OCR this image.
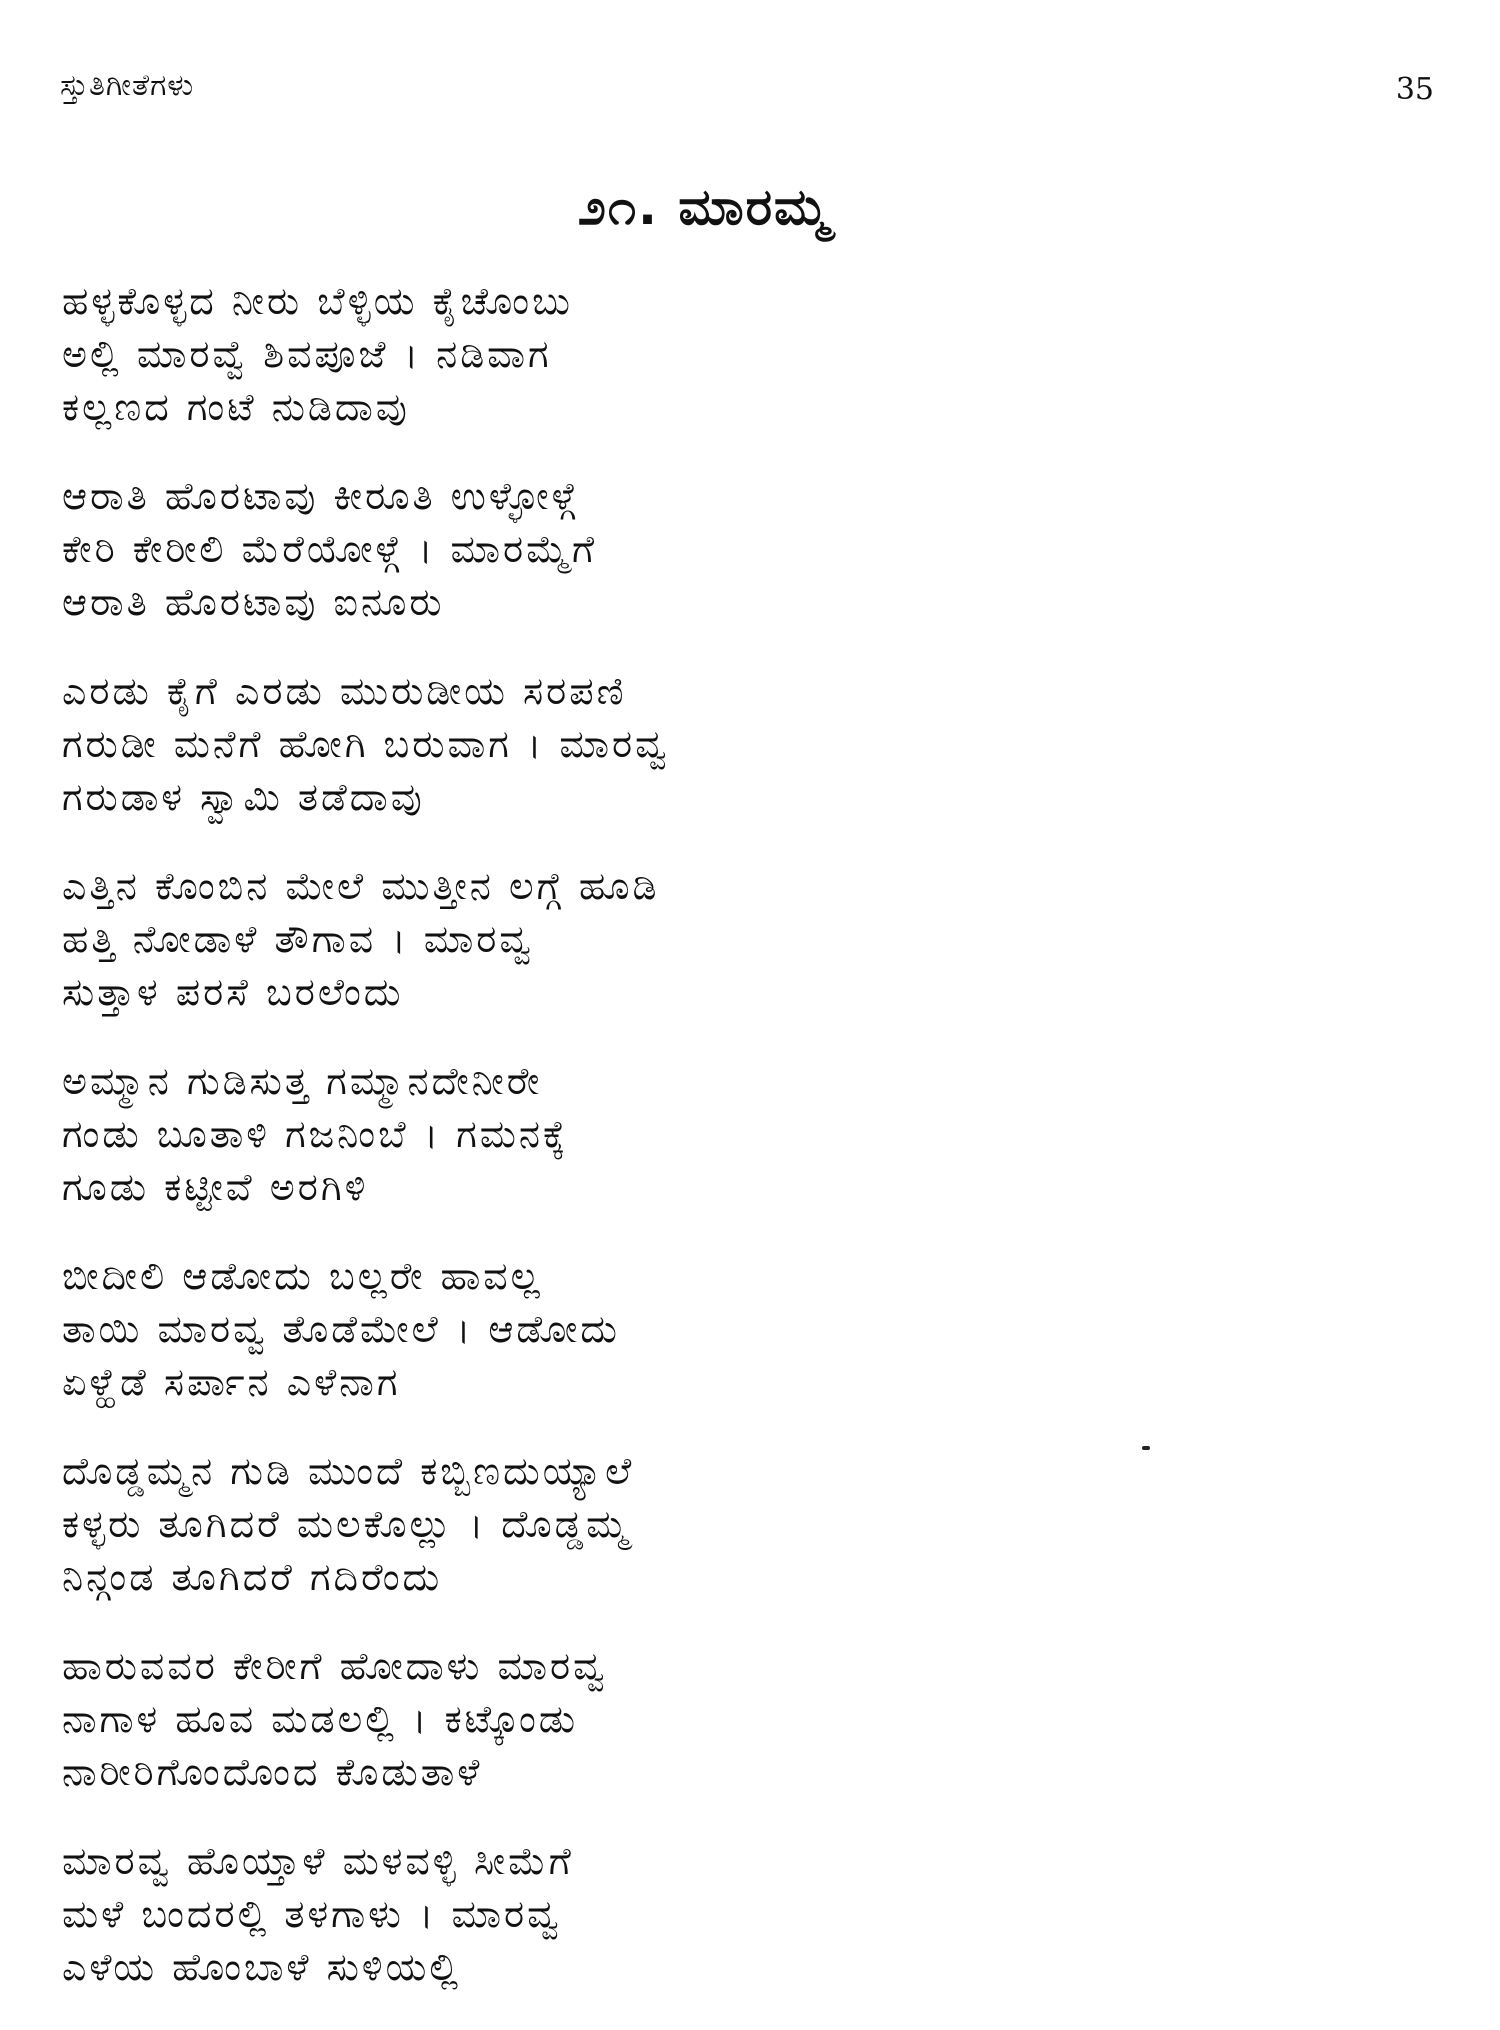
ಸ್ತುತಿಗೀತೆಗಳು	35
೨೧. ಮಾರಮ್ಮ
ಹಳ್ಳಕೊಳ್ಳದ ನೀರು ಬೆಳ್ಳಿಯ ಕೈಚೊಂಬು
ಅಲ್ಲಿ ಮಾರವ್ವೆ ಶಿವಪೂಜೆ । ನಡಿವಾಗ
ಕಲ್ಲಣದ ಗಂಟೆ ನುಡಿದಾವು
ಆರಾತಿ ಹೊರಟಾವು ಕೀರೂತಿ ಉಳ್ಳೋಳ್ಗೆ
ಕೇರಿ ಕೇರೀಲಿ ಮೆರೆಯೋಳ್ಗೆ । ಮಾರಮ್ಮೆಗೆ
ಆರಾತಿ ಹೊರಟಾವು ಐನೂರು
ಎರಡು ಕೈಗೆ ಎರಡು ಮುರುಡೀಯ ಸರಪಣಿ
ಗರುಡೀ ಮನೆಗೆ ಹೋಗಿ ಬರುವಾಗ । ಮಾರವ್ವ
ಗರುಡಾಳ ಸ್ವಾಮಿ ತಡೆದಾವು
ಎತ್ತಿನ ಕೊಂಬಿನ ಮೇಲೆ ಮುತ್ತೀನ ಲಗ್ಗೆ ಹೂಡಿ
ಹತ್ತಿ ನೋಡಾಳೆ ತೌಗಾವ । ಮಾರವ್ವ
ಸುತ್ತಾಳ ಪರಸೆ ಬರಲೆಂದು
ಅಮ್ಮಾನ ಗುಡಿಸುತ್ತ ಗಮ್ಮಾನದೇನೀರೇ
ಗಂಡು ಬೂತಾಳಿ ಗಜನಿಂಬೆ । ಗಮನಕ್ಕೆ
ಗೂಡು ಕಟ್ಟೀವೆ ಅರಗಿಳಿ
ಬೀದೀಲಿ ಆಡೋದು ಬಲ್ಲರೇ ಹಾವಲ್ಲ
ತಾಯಿ ಮಾರವ್ವ ತೊಡೆಮೇಲೆ । ಆಡೋದು
ಏಳ್ಹೆಡೆ ಸರ್ಪಾನ ಎಳೆನಾಗ
ದೊಡ್ಡಮ್ಮನ ಗುಡಿ ಮುಂದೆ ಕಬ್ಬಿಣದುಯ್ಯಾಲೆ
ಕಳ್ಳರು ತೂಗಿದರೆ ಮಲಕೊಲ್ಲು । ದೊಡ್ಡಮ್ಮ
ನಿನ್ಗಂಡ ತೂಗಿದರೆ ಗದಿರೆಂದು
ಹಾರುವವರ ಕೇರೀಗೆ ಹೋದಾಳು ಮಾರವ್ವ
ನಾಗಾಳ ಹೂವ ಮಡಲಲ್ಲಿ । ಕಟ್ಕೊಂಡು
ನಾರೀರಿಗೊಂದೊಂದ ಕೊಡುತಾಳೆ
ಮಾರವ್ವ ಹೊಯ್ತಾಳೆ ಮಳವಳ್ಳಿ ಸೀಮೆಗೆ
ಮಳೆ ಬಂದರಲ್ಲಿ ತಳಗಾಳು । ಮಾರವ್ವ
ಎಳೆಯ ಹೊಂಬಾಳೆ ಸುಳಿಯಲ್ಲಿ
